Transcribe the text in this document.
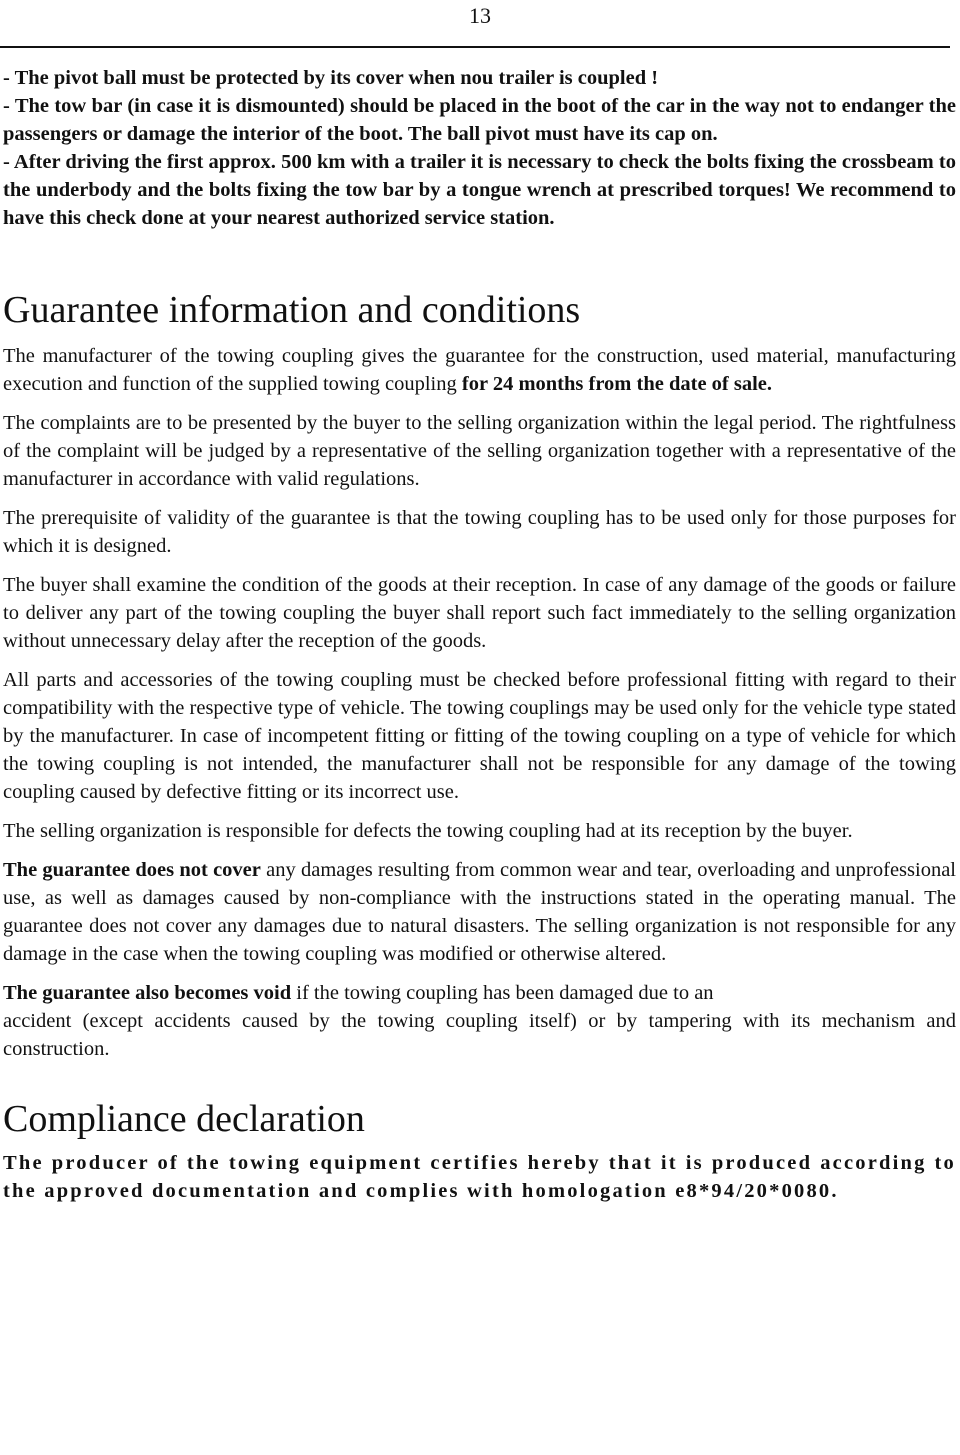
13

- The pivot ball must be protected by its cover when nou trailer is coupled !

- The tow bar (in case it is dismounted) should be placed in the boot of the car in the way not to endanger the passengers or damage the interior of the boot. The ball pivot must have its cap on.

- After driving the first approx. 500 km with a trailer it is necessary to check the bolts fixing the crossbeam to the underbody and the bolts fixing the tow bar by a tongue wrench at prescribed torques! We recommend to have this check done at your nearest authorized service station.

Guarantee information and conditions

The manufacturer of the towing coupling gives the guarantee for the construction, used material, manufacturing execution and function of the supplied towing coupling for 24 months from the date of sale.

The complaints are to be presented by the buyer to the selling organization within the legal period. The rightfulness of the complaint will be judged by a representative of the selling organization together with a representative of the manufacturer in accordance with valid regulations.

The prerequisite of validity of the guarantee is that the towing coupling has to be used only for those purposes for which it is designed.

The buyer shall examine the condition of the goods at their reception. In case of any damage of the goods or failure to deliver any part of the towing coupling the buyer shall report such fact immediately to the selling organization without unnecessary delay after the reception of the goods.

All parts and accessories of the towing coupling must be checked before professional fitting with regard to their compatibility with the respective type of vehicle. The towing couplings may be used only for the vehicle type stated by the manufacturer. In case of incompetent fitting or fitting of the towing coupling on a type of vehicle for which the towing coupling is not intended, the manufacturer shall not be responsible for any damage of the towing coupling caused by defective fitting or its incorrect use.

The selling organization is responsible for defects the towing coupling had at its reception by the buyer.

The guarantee does not cover any damages resulting from common wear and tear, overloading and unprofessional use, as well as damages caused by non-compliance with the instructions stated in the operating manual. The guarantee does not cover any damages due to natural disasters. The selling organization is not responsible for any damage in the case when the towing coupling was modified or otherwise altered.

The guarantee also becomes void if the towing coupling has been damaged due to an

accident (except accidents caused by the towing coupling itself) or by tampering with its mechanism and construction.

Compliance declaration

The producer of the towing equipment certifies hereby that it is produced according to the approved documentation and complies with homologation e8*94/20*0080.
